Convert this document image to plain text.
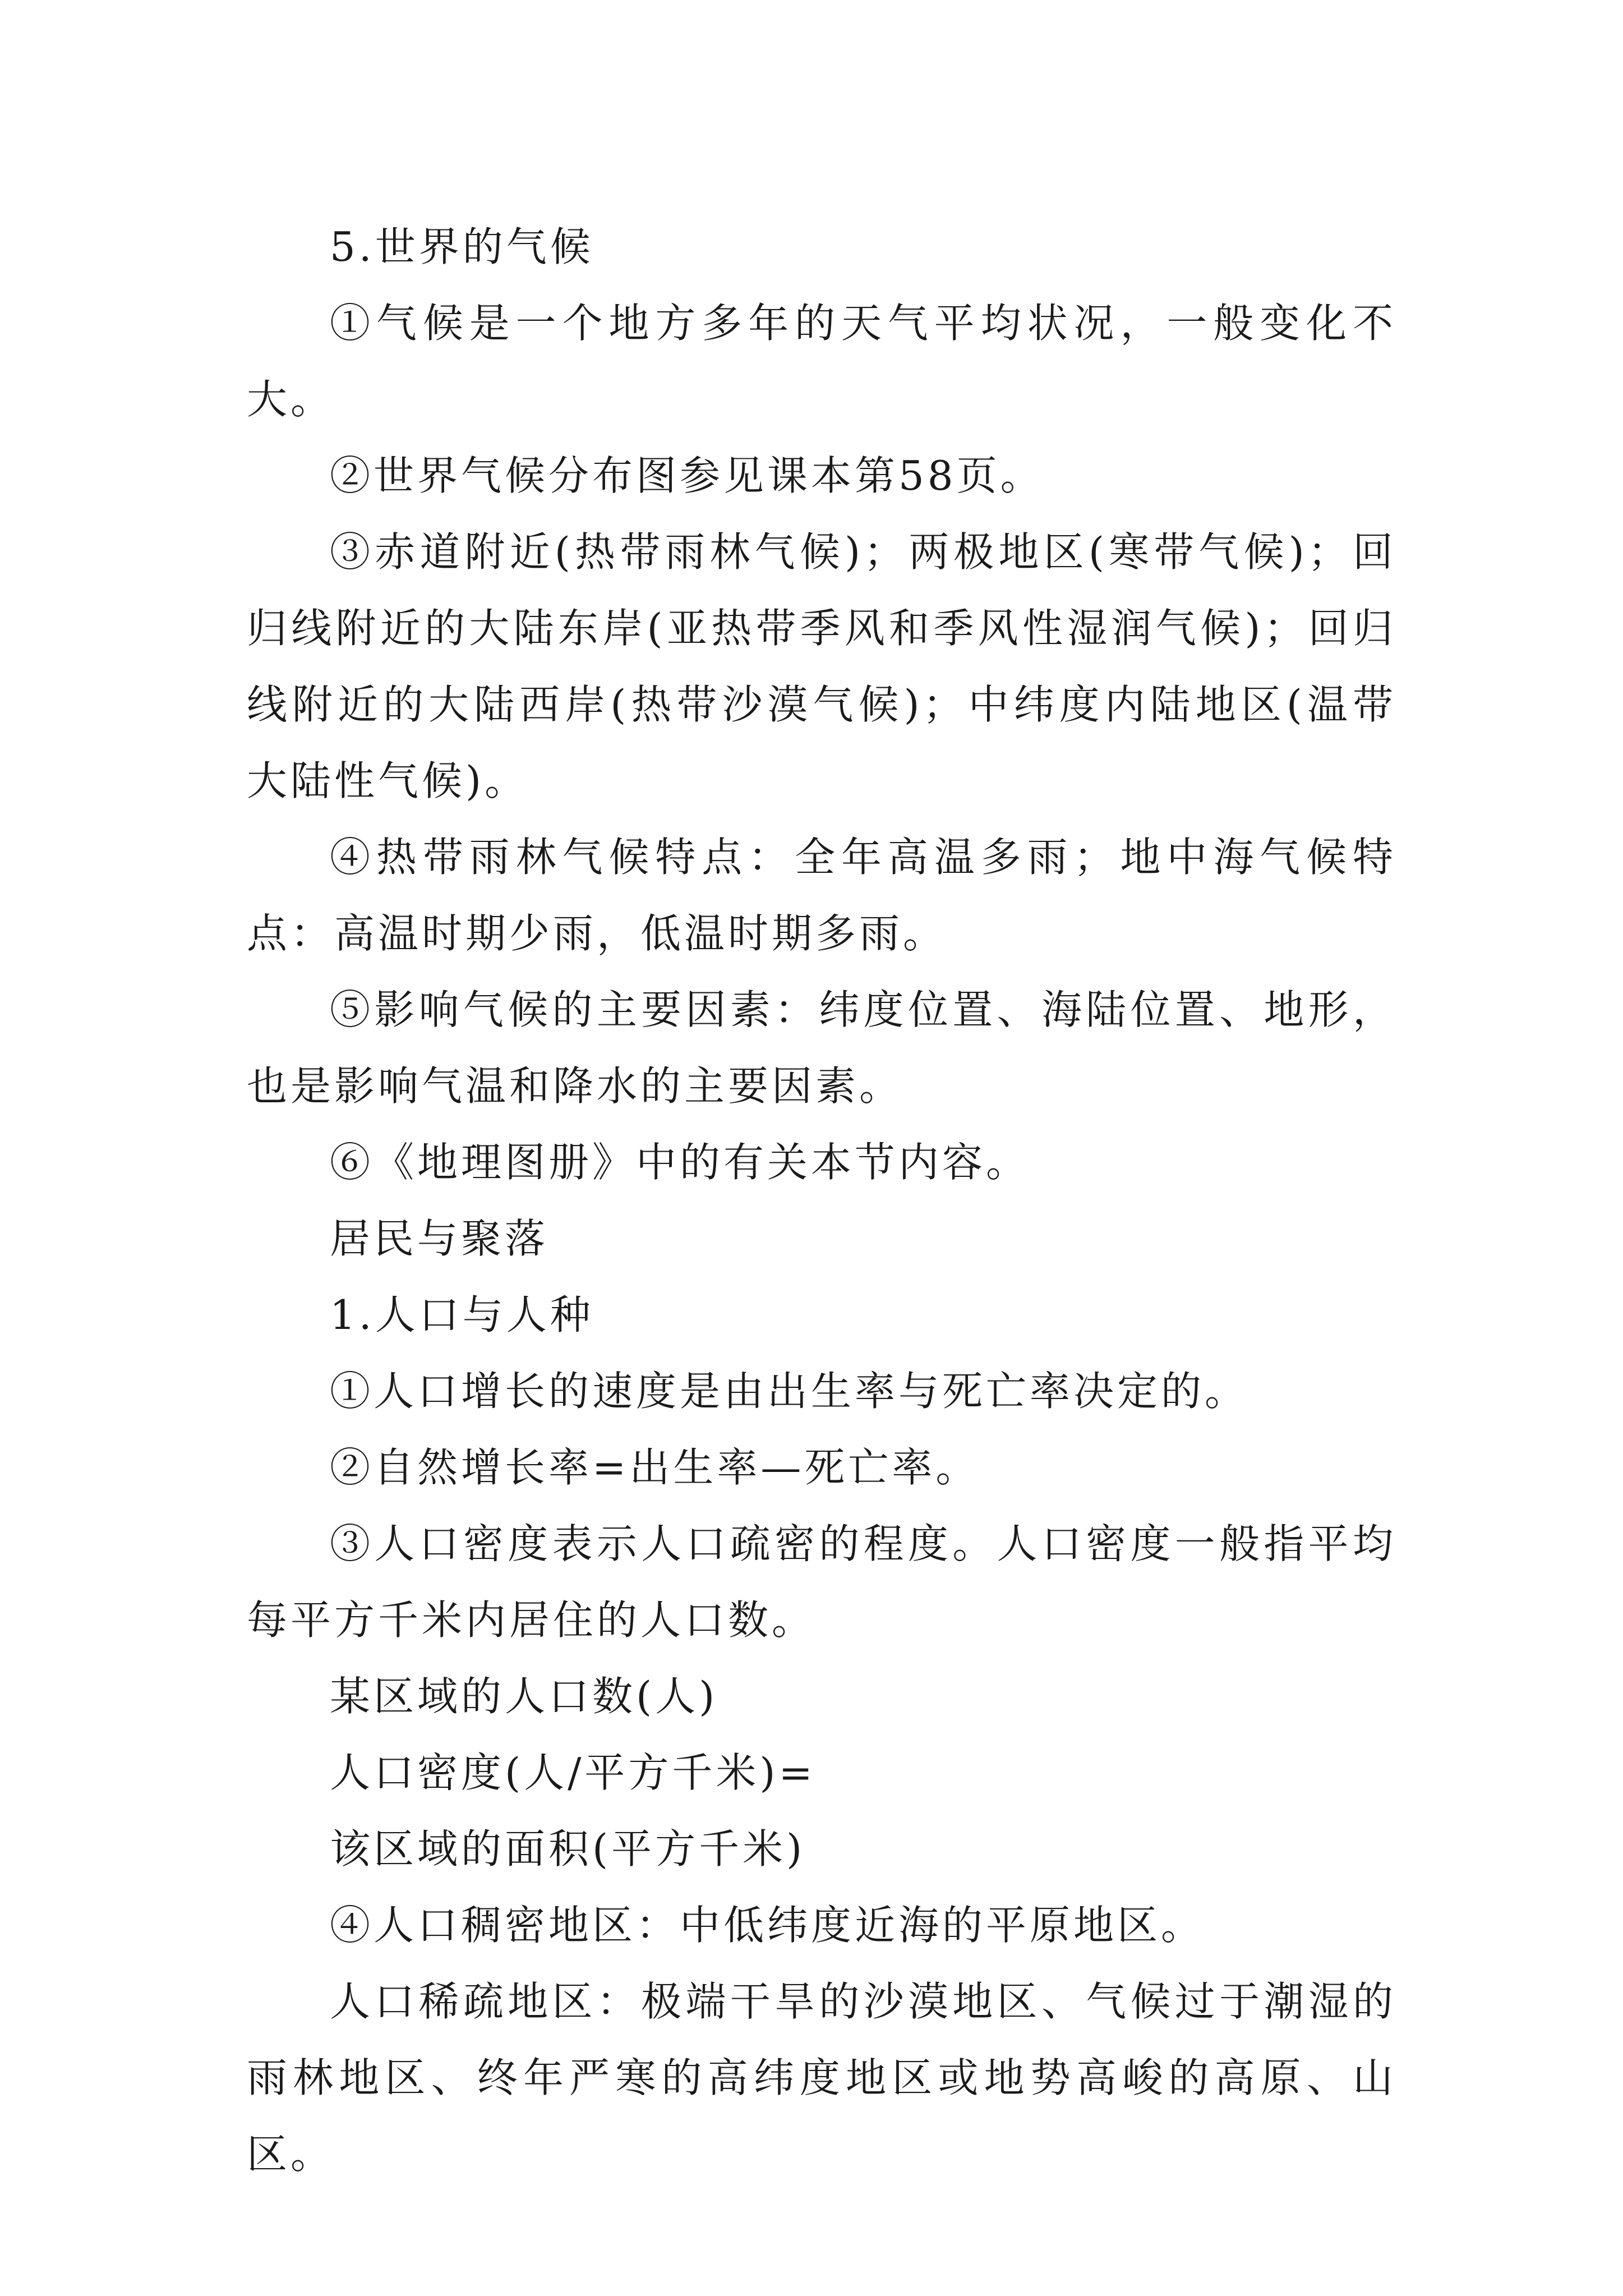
5.世界的气候

①气候是一个地方多年的天气平均状况，一般变化不大。

②世界气候分布图参见课本第58页。

③赤道附近(热带雨林气候)；两极地区(寒带气候)；回归线附近的大陆东岸(亚热带季风和季风性湿润气候)；回归线附近的大陆西岸(热带沙漠气候)；中纬度内陆地区(温带大陆性气候)。

④热带雨林气候特点：全年高温多雨；地中海气候特点：高温时期少雨，低温时期多雨。

⑤影响气候的主要因素：纬度位置、海陆位置、地形，也是影响气温和降水的主要因素。

⑥《地理图册》中的有关本节内容。

居民与聚落

1.人口与人种

①人口增长的速度是由出生率与死亡率决定的。

②自然增长率=出生率—死亡率。

③人口密度表示人口疏密的程度。人口密度一般指平均每平方千米内居住的人口数。

某区域的人口数(人)

人口密度(人/平方千米)=

该区域的面积(平方千米)

④人口稠密地区：中低纬度近海的平原地区。

人口稀疏地区：极端干旱的沙漠地区、气候过于潮湿的雨林地区、终年严寒的高纬度地区或地势高峻的高原、山区。
